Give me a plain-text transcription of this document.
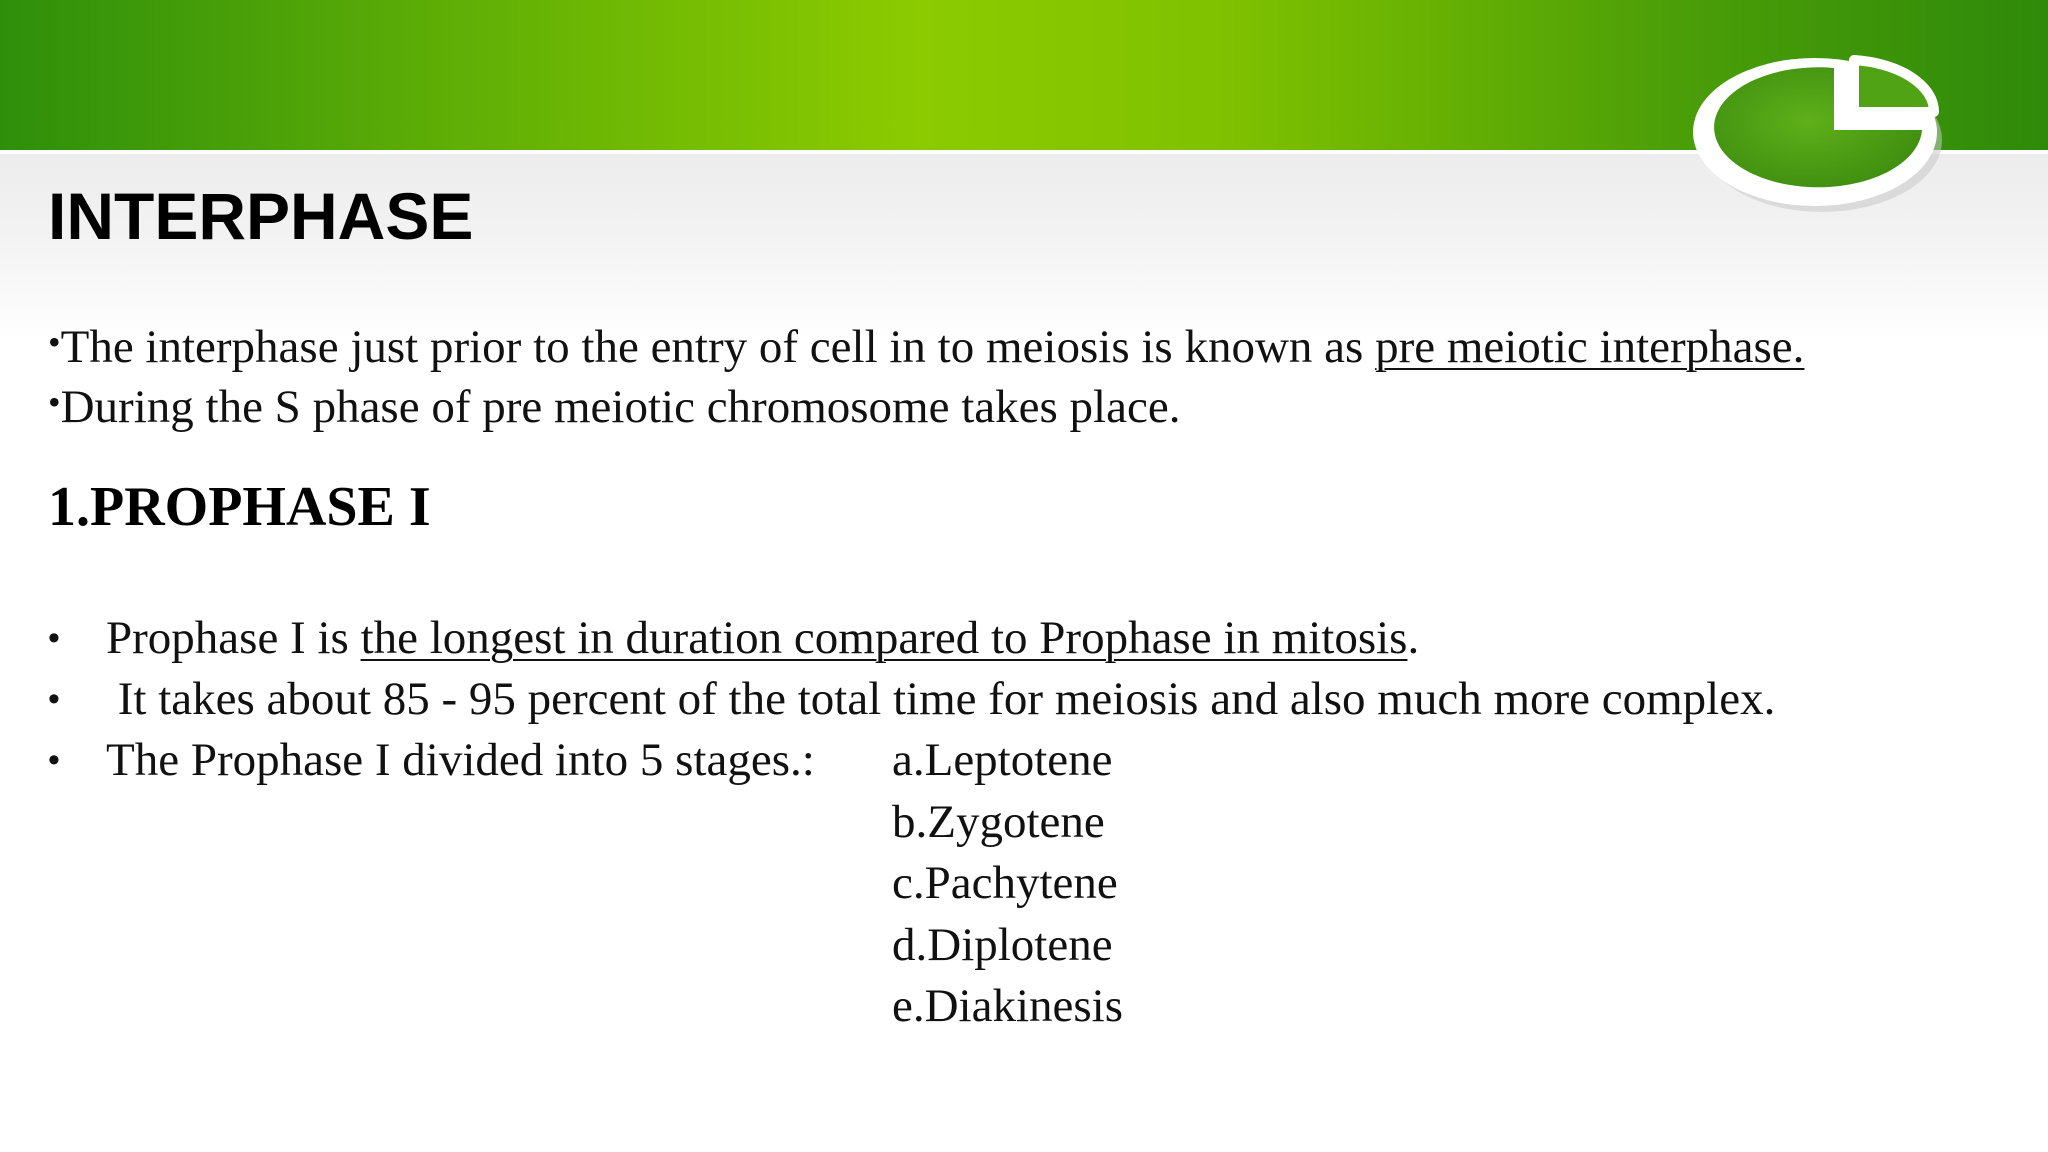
INTERPHASE

•The interphase just prior to the entry of cell in to meiosis is known as pre meiotic interphase.

•During the S phase of pre meiotic chromosome takes place.

1.PROPHASE I
• Prophase I is the longest in duration compared to Prophase in mitosis.
• It takes about 85 - 95 percent of the total time for meiosis and also much more complex.
• The Prophase I divided into 5 stages.: a.Leptotene
b.Zygotene
c.Pachytene
d.Diplotene
e.Diakinesis
